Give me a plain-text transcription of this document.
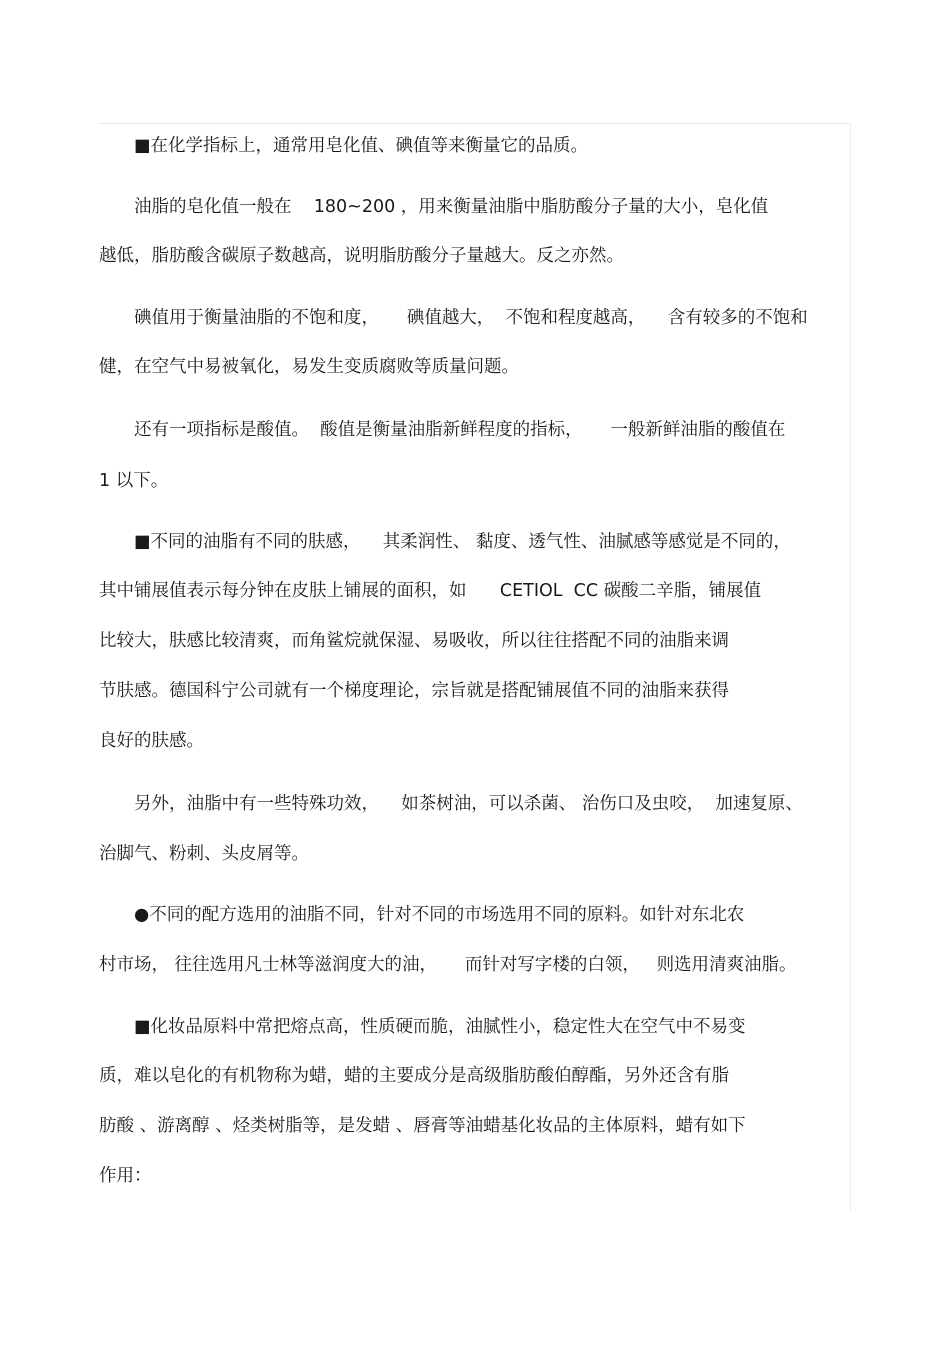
■在化学指标上，通常用皂化值、碘值等来衡量它的品质。
油脂的皂化值一般在    180~200 ，用来衡量油脂中脂肪酸分子量的大小，皂化值
越低，脂肪酸含碳原子数越高，说明脂肪酸分子量越大。反之亦然。
碘值用于衡量油脂的不饱和度，     碘值越大，  不饱和程度越高，    含有较多的不饱和
健，在空气中易被氧化，易发生变质腐败等质量问题。
还有一项指标是酸值。  酸值是衡量油脂新鲜程度的指标，     一般新鲜油脂的酸值在
1 以下。
■不同的油脂有不同的肤感，    其柔润性、 黏度、透气性、油腻感等感觉是不同的，
其中铺展值表示每分钟在皮肤上铺展的面积，如      CETIOL  CC 碳酸二辛脂，铺展值
比较大，肤感比较清爽，而角鲨烷就保湿、易吸收，所以往往搭配不同的油脂来调
节肤感。德国科宁公司就有一个梯度理论，宗旨就是搭配铺展值不同的油脂来获得
良好的肤感。
另外，油脂中有一些特殊功效，    如茶树油，可以杀菌、 治伤口及虫咬，  加速复原、
治脚气、粉刺、头皮屑等。
●不同的配方选用的油脂不同，针对不同的市场选用不同的原料。如针对东北农
村市场， 往往选用凡士林等滋润度大的油，     而针对写字楼的白领，   则选用清爽油脂。
■化妆品原料中常把熔点高，性质硬而脆，油腻性小，稳定性大在空气中不易变
质，难以皂化的有机物称为蜡，蜡的主要成分是高级脂肪酸伯醇酯，另外还含有脂
肪酸 、游离醇 、烃类树脂等，是发蜡 、唇膏等油蜡基化妆品的主体原料，蜡有如下
作用：
